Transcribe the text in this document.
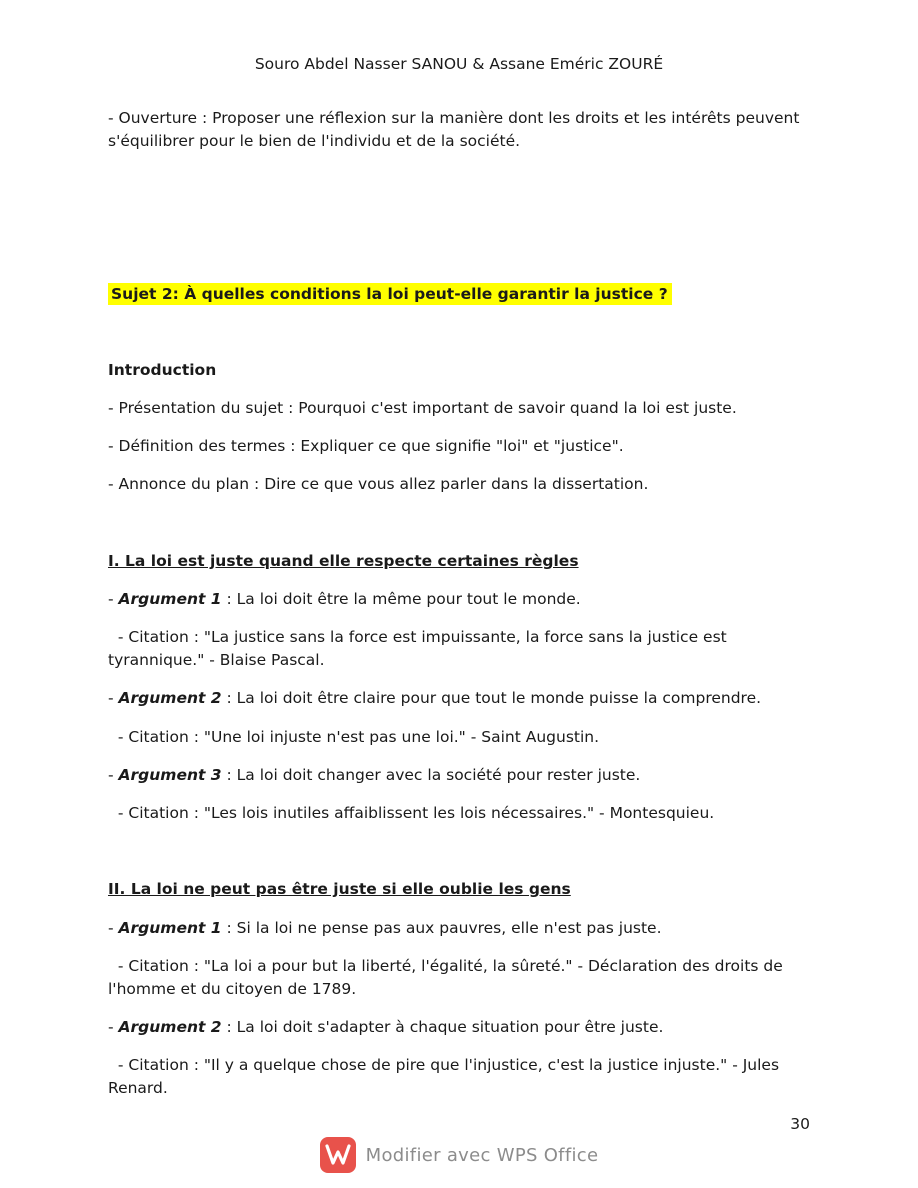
Souro Abdel Nasser SANOU & Assane Eméric ZOURÉ

- Ouverture : Proposer une réflexion sur la manière dont les droits et les intérêts peuvent s'équilibrer pour le bien de l'individu et de la société.

Sujet 2: À quelles conditions la loi peut-elle garantir la justice ?

Introduction

- Présentation du sujet : Pourquoi c'est important de savoir quand la loi est juste.

- Définition des termes : Expliquer ce que signifie "loi" et "justice".

- Annonce du plan : Dire ce que vous allez parler dans la dissertation.

I. La loi est juste quand elle respecte certaines règles

- Argument 1 : La loi doit être la même pour tout le monde.

- Citation : "La justice sans la force est impuissante, la force sans la justice est tyrannique." - Blaise Pascal.

- Argument 2 : La loi doit être claire pour que tout le monde puisse la comprendre.

- Citation : "Une loi injuste n'est pas une loi." - Saint Augustin.

- Argument 3 : La loi doit changer avec la société pour rester juste.

- Citation : "Les lois inutiles affaiblissent les lois nécessaires." - Montesquieu.

II. La loi ne peut pas être juste si elle oublie les gens

- Argument 1 : Si la loi ne pense pas aux pauvres, elle n'est pas juste.

- Citation : "La loi a pour but la liberté, l'égalité, la sûreté." - Déclaration des droits de l'homme et du citoyen de 1789.

- Argument 2 : La loi doit s'adapter à chaque situation pour être juste.

- Citation : "Il y a quelque chose de pire que l'injustice, c'est la justice injuste." - Jules Renard.

30
Modifier avec WPS Office
